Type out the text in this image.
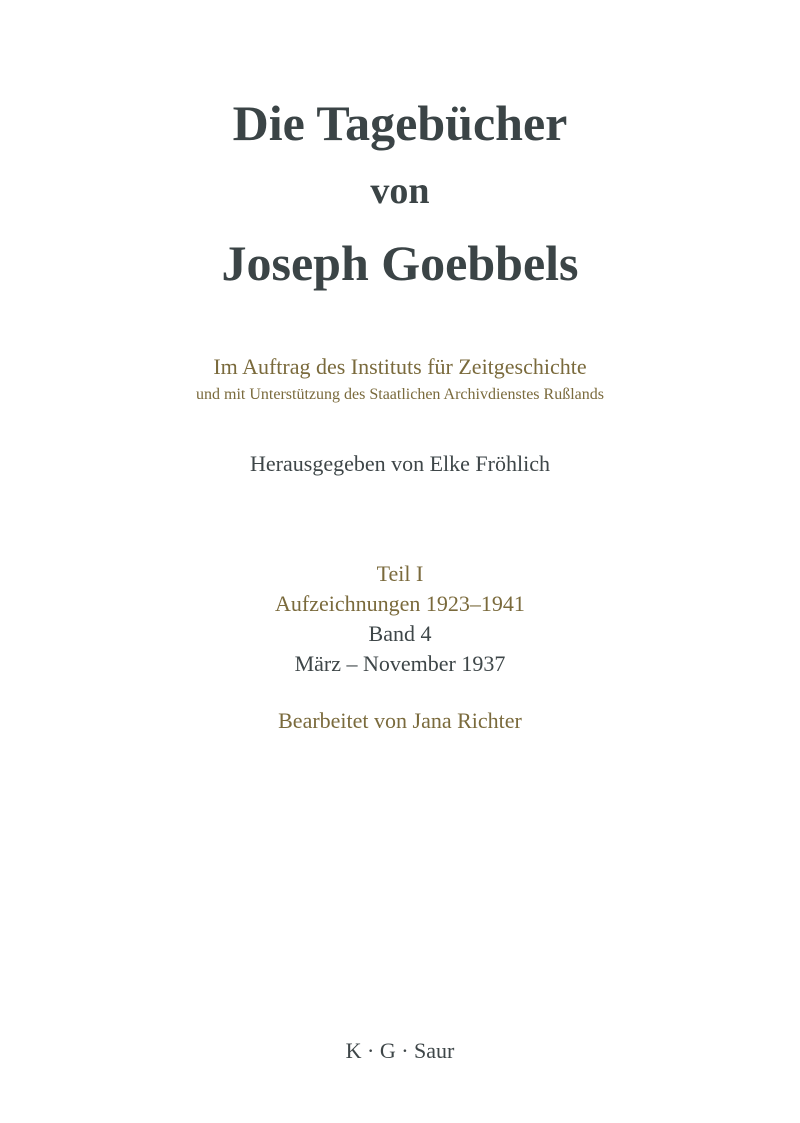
Die Tagebücher
von
Joseph Goebbels
Im Auftrag des Instituts für Zeitgeschichte
und mit Unterstützung des Staatlichen Archivdienstes Rußlands
Herausgegeben von Elke Fröhlich
Teil I
Aufzeichnungen 1923–1941
Band 4
März – November 1937
Bearbeitet von Jana Richter
K · G · Saur
